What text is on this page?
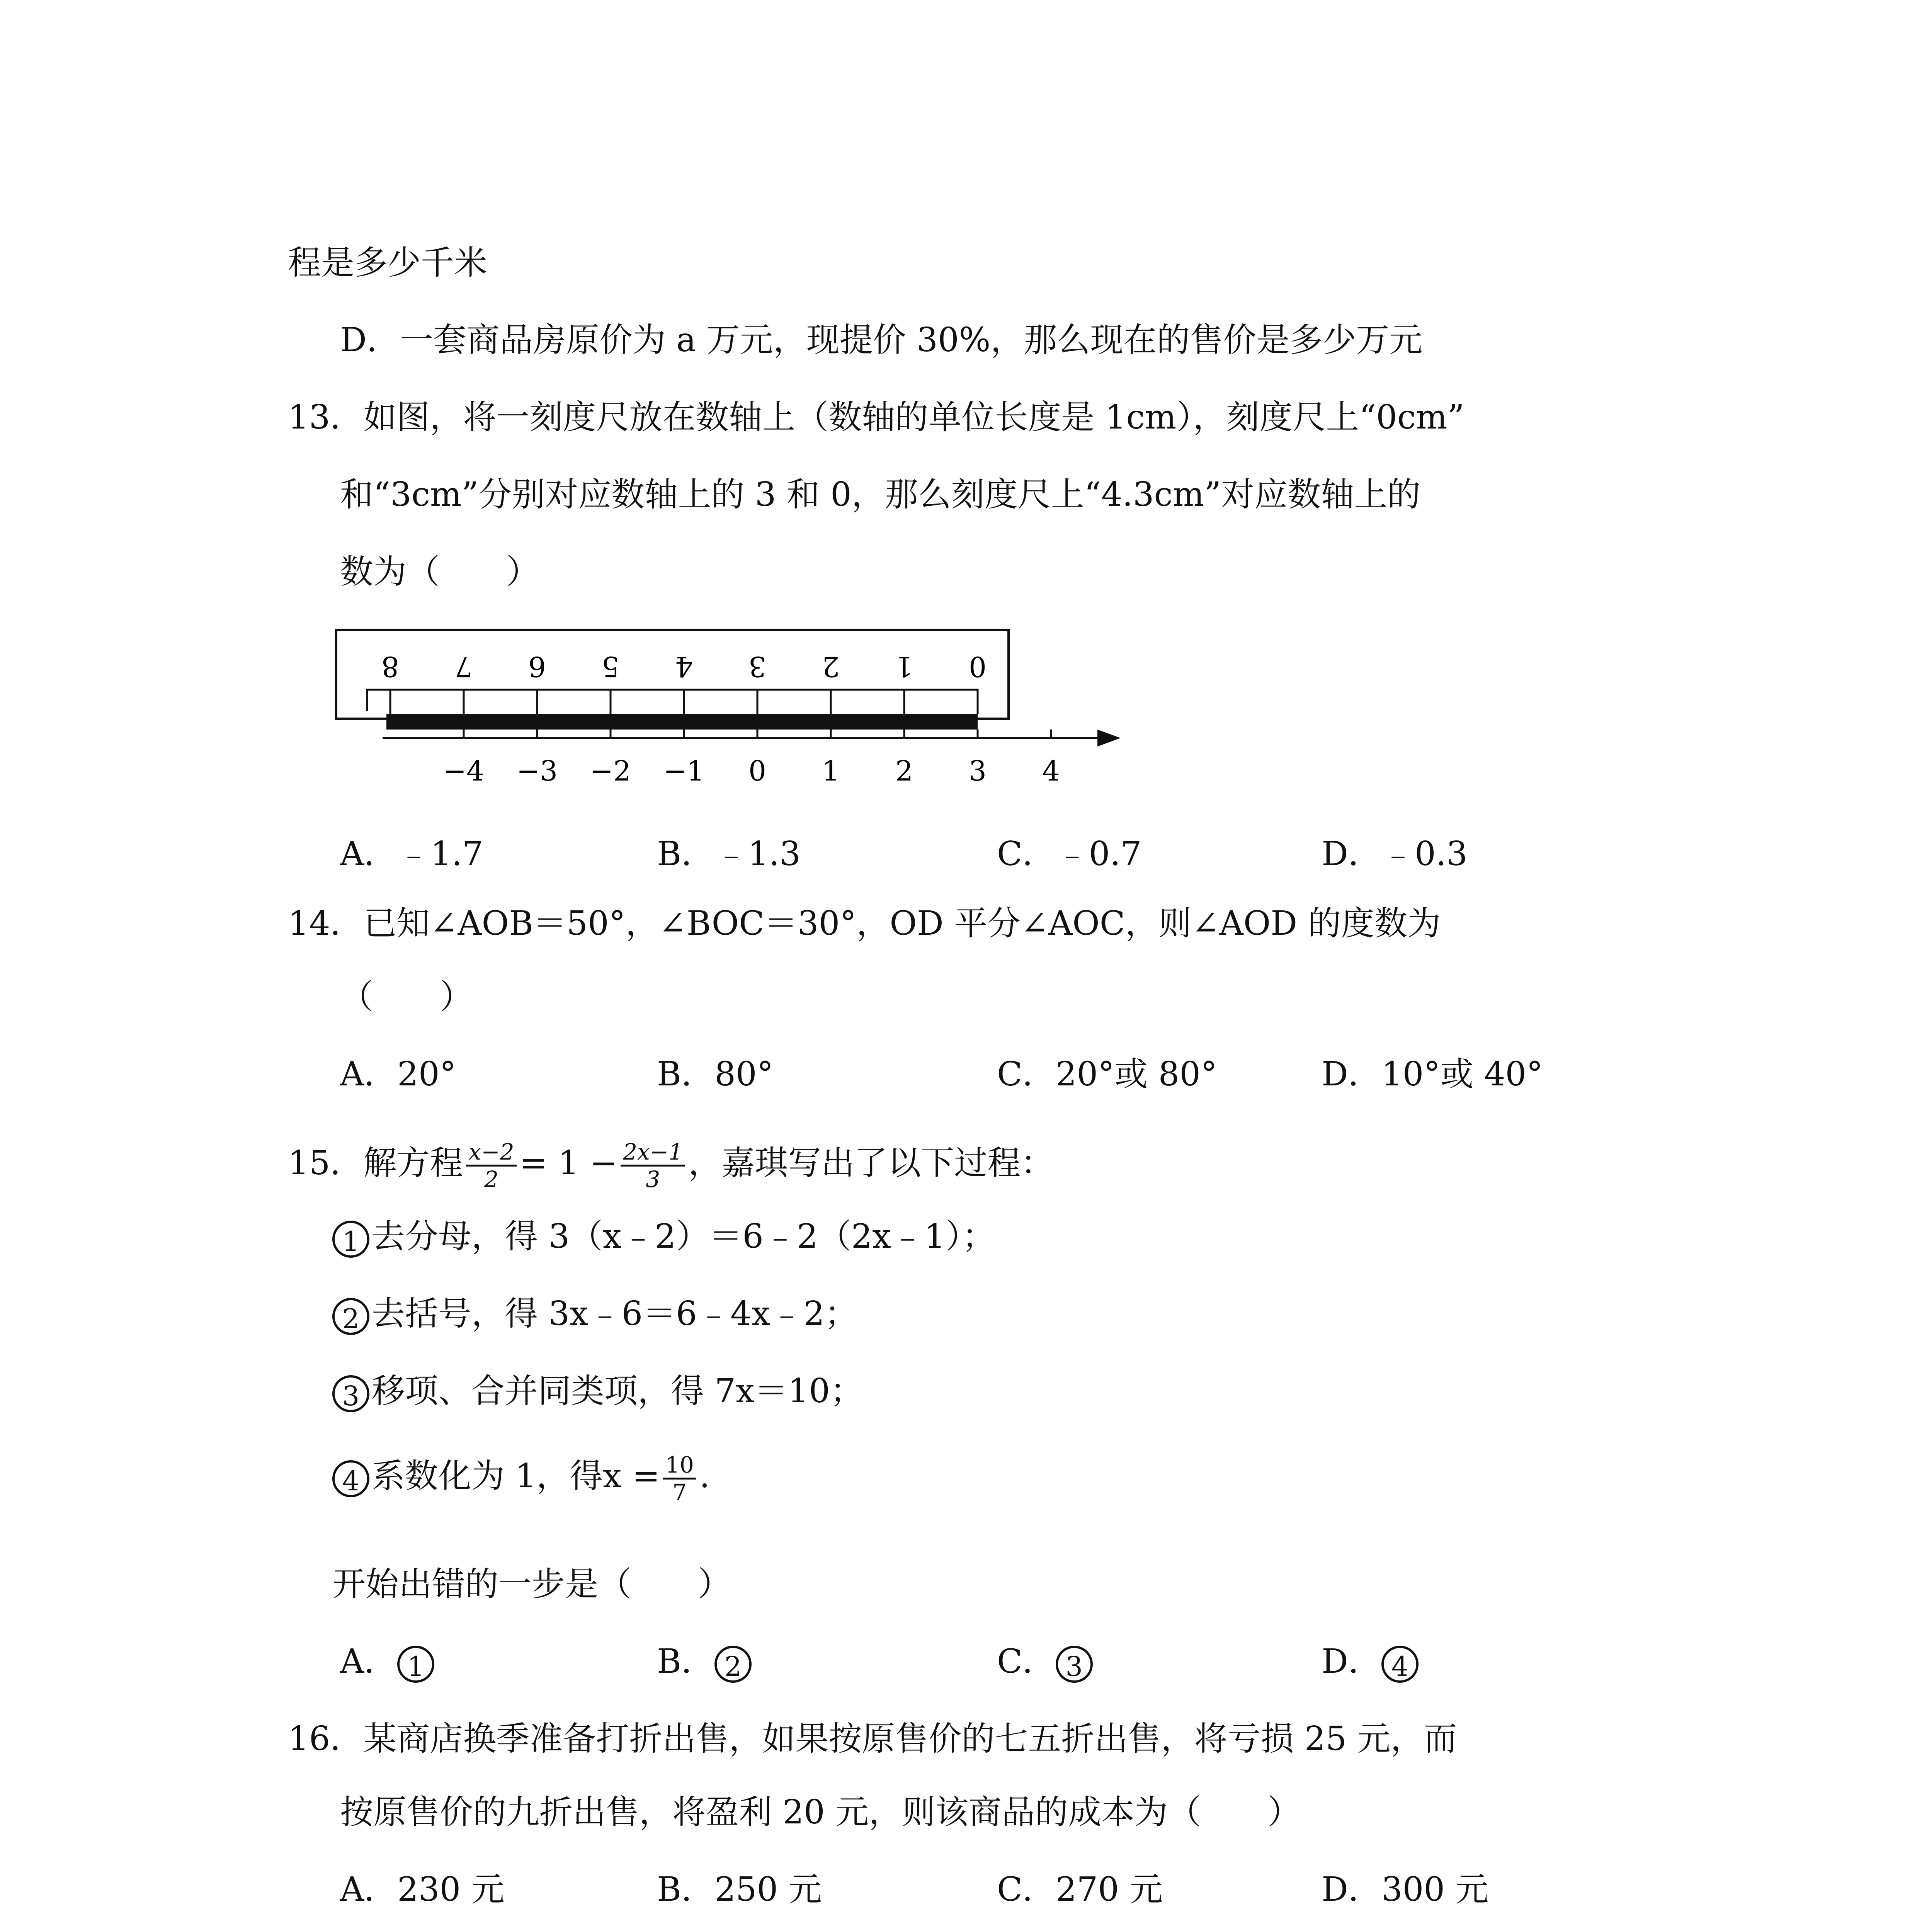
程是多少千米
D．一套商品房原价为 a 万元，现提价 30%，那么现在的售价是多少万元
13．如图，将一刻度尺放在数轴上（数轴的单位长度是 1cm），刻度尺上“0cm”
和“3cm”分别对应数轴上的 3 和 0，那么刻度尺上“4.3cm”对应数轴上的
数为（　　）
8 7 6 5 4 3 2 1 0
−4 −3 −2 −1 0 1 2 3 4
A．﹣1.7	B．﹣1.3	C．﹣0.7	D．﹣0.3
14．已知∠AOB＝50°，∠BOC＝30°，OD 平分∠AOC，则∠AOD 的度数为
（　　）
A．20°	B．80°	C．20°或 80°	D．10°或 40°
15．解方程 $\frac{x-2}{2} = 1 - \frac{2x-1}{3}$ ，嘉琪写出了以下过程：
1 去分母，得 3（x﹣2）＝6﹣2（2x﹣1）；
2 去括号，得 3x﹣6＝6﹣4x﹣2；
3 移项、合并同类项，得 7x＝10；
4 系数化为 1，得$x = \frac{10}{7}$ .
开始出错的一步是（　　）
A． 1	B． 2	C． 3	D． 4
16．某商店换季准备打折出售，如果按原售价的七五折出售，将亏损 25 元，而
按原售价的九折出售，将盈利 20 元，则该商品的成本为（　　）
A．230 元	B．250 元	C．270 元	D．300 元
